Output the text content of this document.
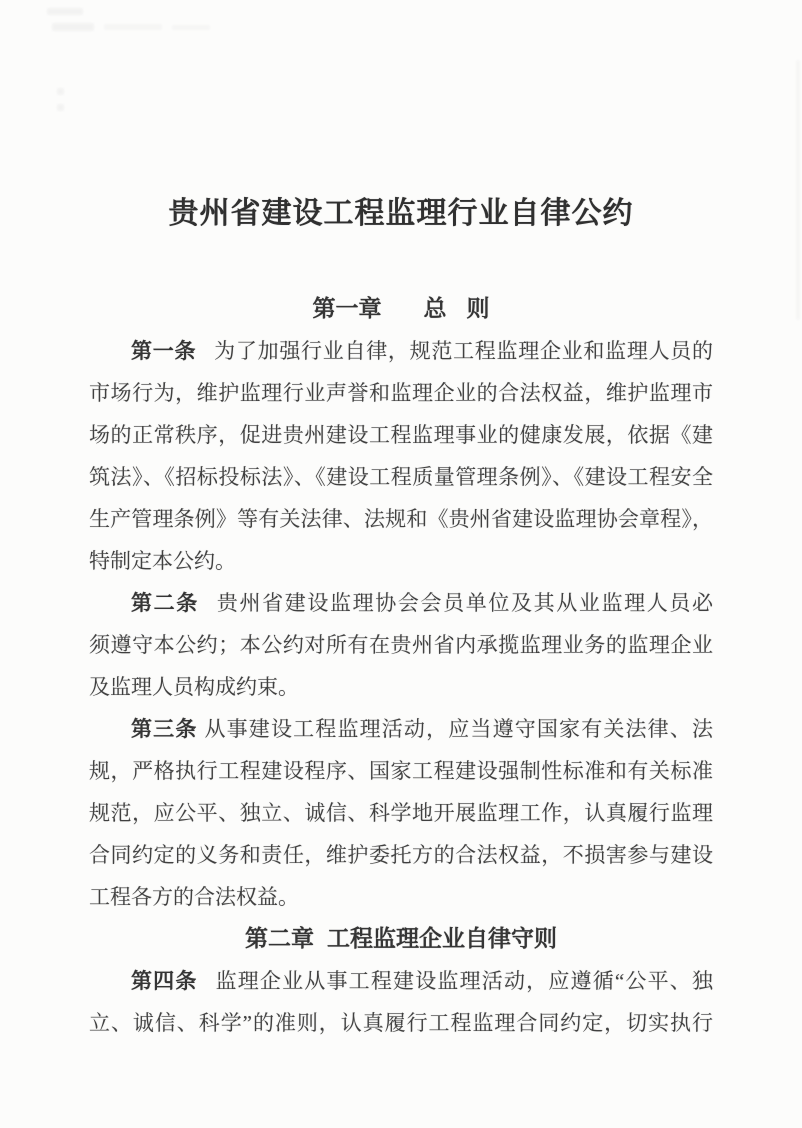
贵州省建设工程监理行业自律公约
第一章 总则
第一条 为了加强行业自律，规范工程监理企业和监理人员的
市场行为，维护监理行业声誉和监理企业的合法权益，维护监理市
场的正常秩序，促进贵州建设工程监理事业的健康发展，依据《建
筑法》、《招标投标法》、《建设工程质量管理条例》、《建设工程安全
生产管理条例》等有关法律、法规和《贵州省建设监理协会章程》，
特制定本公约。
第二条 贵州省建设监理协会会员单位及其从业监理人员必
须遵守本公约；本公约对所有在贵州省内承揽监理业务的监理企业
及监理人员构成约束。
第三条 从事建设工程监理活动，应当遵守国家有关法律、法
规，严格执行工程建设程序、国家工程建设强制性标准和有关标准
规范，应公平、独立、诚信、科学地开展监理工作，认真履行监理
合同约定的义务和责任，维护委托方的合法权益，不损害参与建设
工程各方的合法权益。
第二章 工程监理企业自律守则
第四条 监理企业从事工程建设监理活动，应遵循“公平、独
立、诚信、科学”的准则，认真履行工程监理合同约定，切实执行
